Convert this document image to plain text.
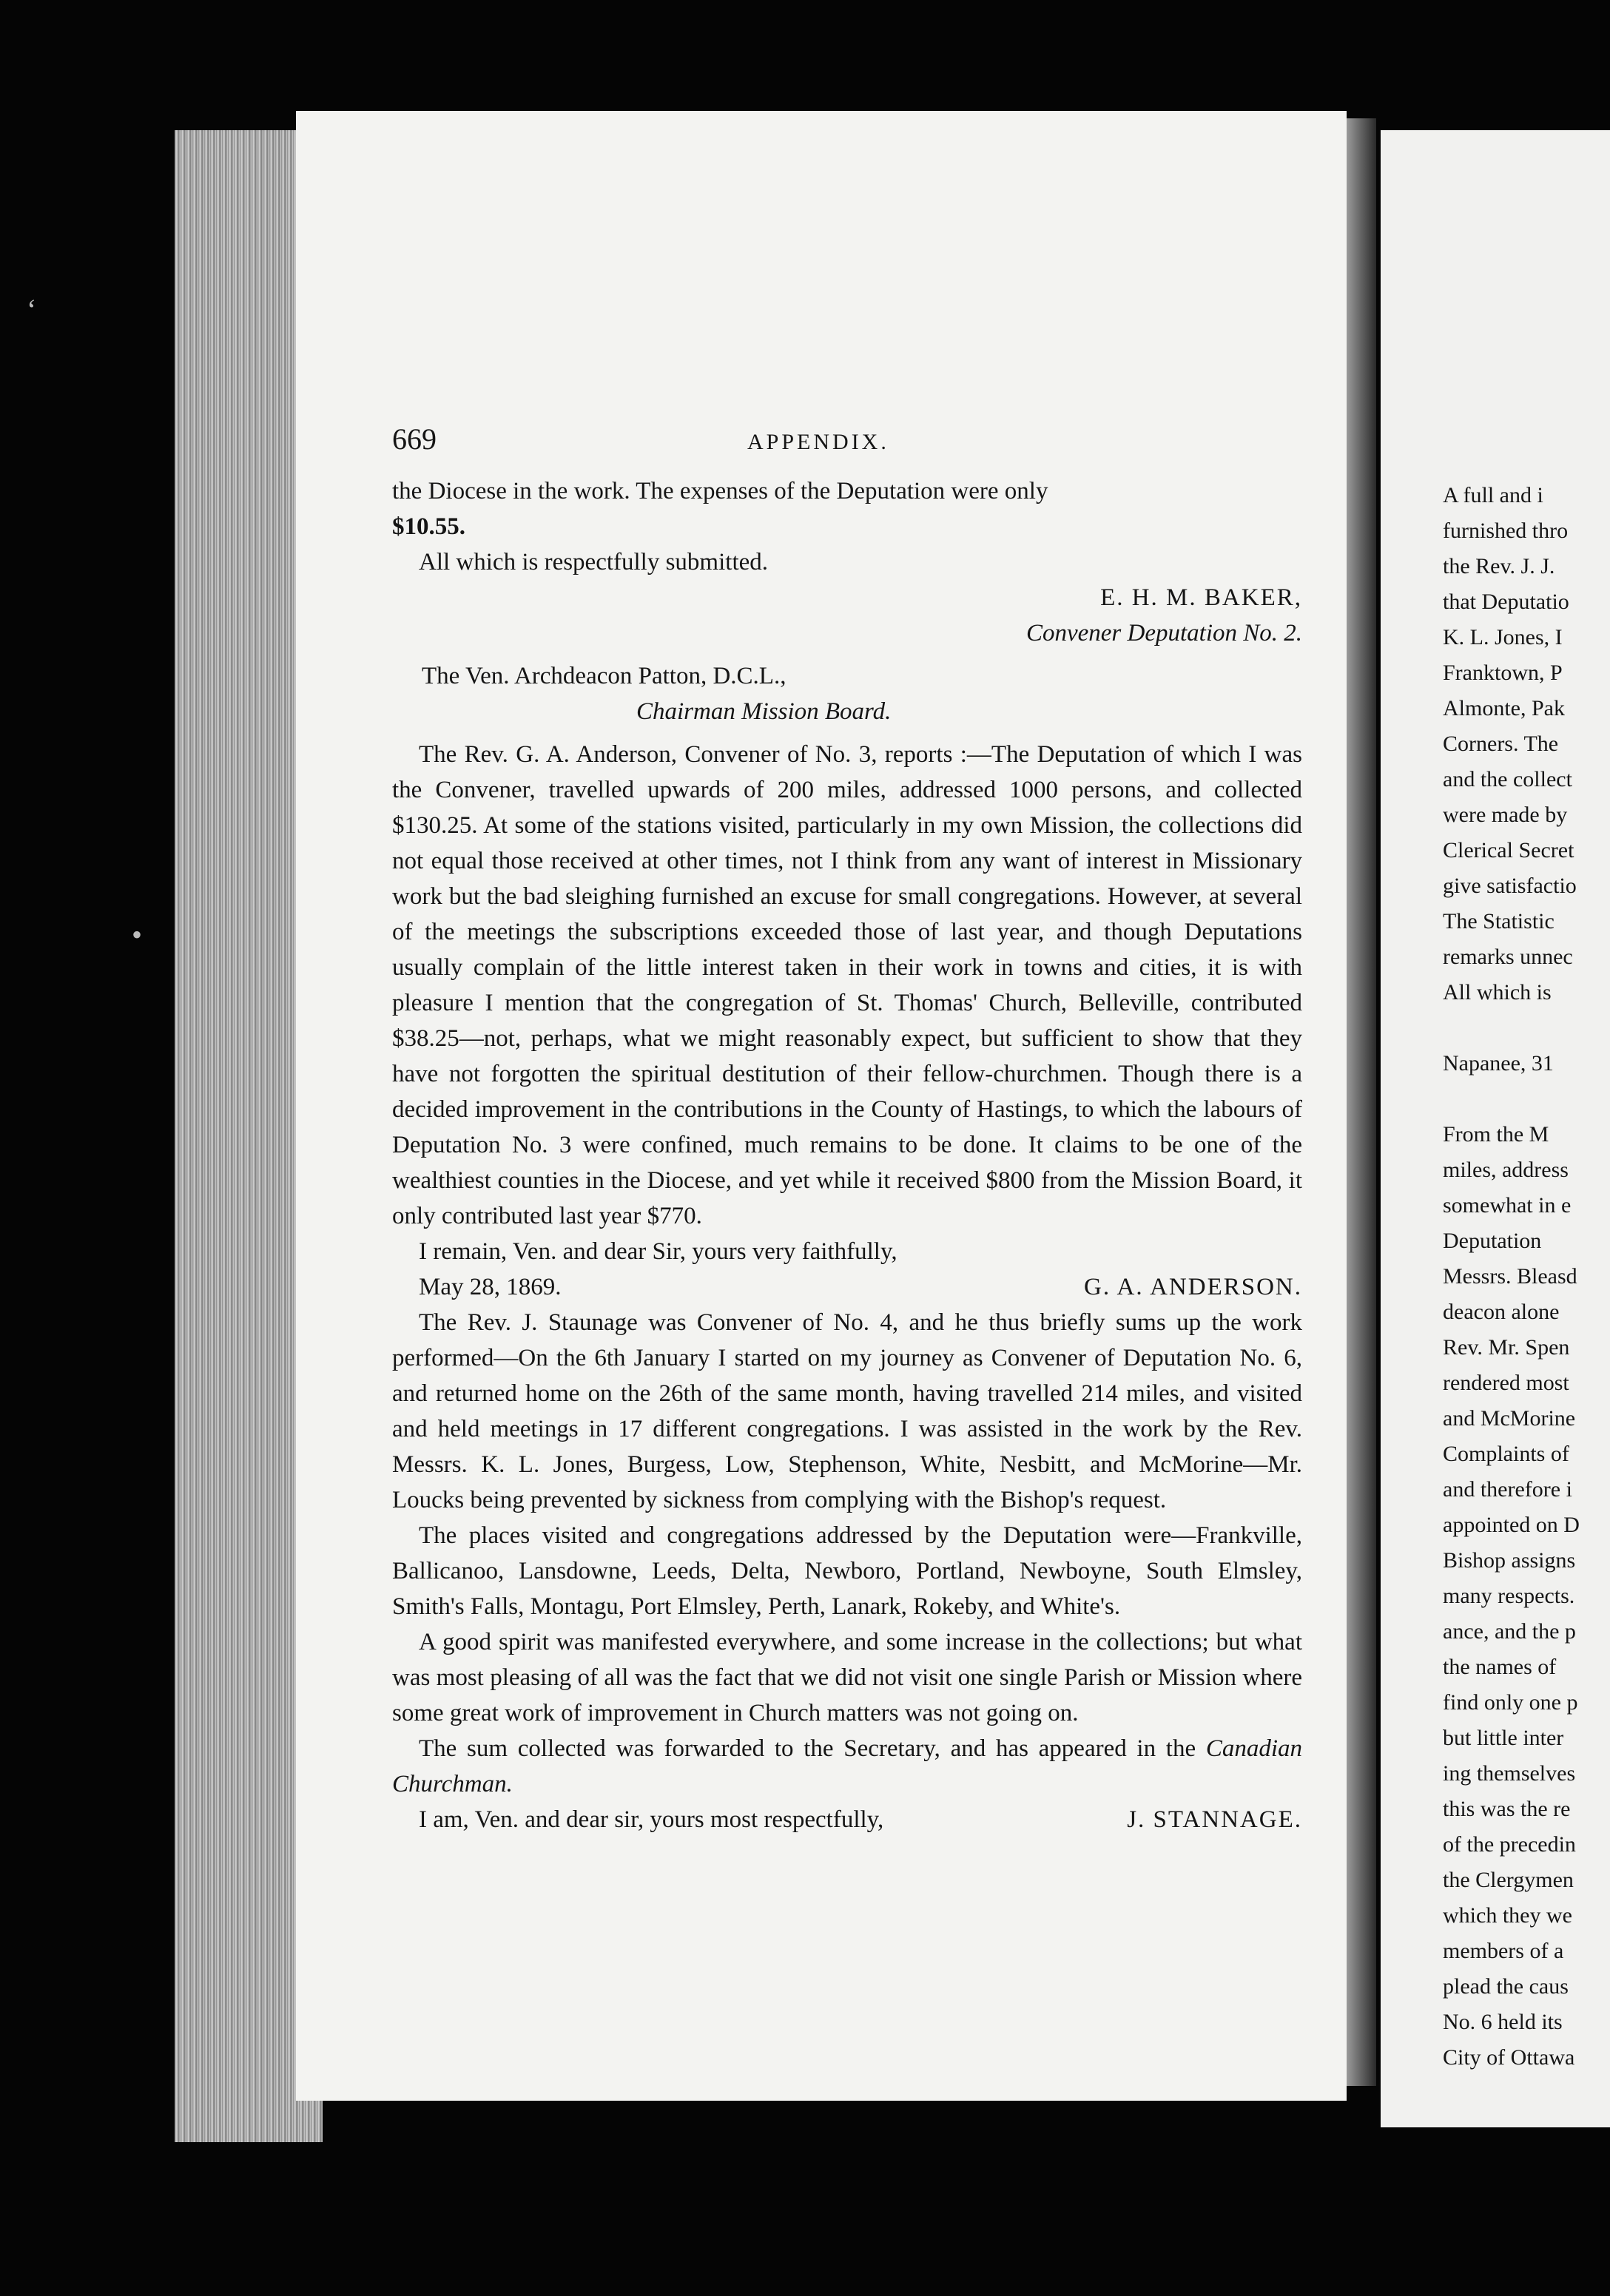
A full and i
furnished thro
the Rev. J. J.
that Deputatio
K. L. Jones, I
Franktown, P
Almonte, Pak
Corners. The
and the collect
were made by
Clerical Secret
give satisfactio
The Statistic
remarks unnec
All which is

Napanee, 31

From the M
miles, address
somewhat in e
Deputation
Messrs. Bleasd
deacon alone
Rev. Mr. Spen
rendered most
and McMorine
Complaints of
and therefore i
appointed on D
Bishop assigns
many respects.
ance, and the p
the names of
find only one p
but little inter
ing themselves
this was the re
of the precedin
the Clergymen
which they we
members of a
plead the caus
No. 6 held its
City of Ottawa
669	APPENDIX.

the Diocese in the work. The expenses of the Deputation were only
$10.55.

All which is respectfully submitted.

E. H. M. BAKER,

Convener Deputation No. 2.

The Ven. Archdeacon Patton, D.C.L.,

Chairman Mission Board.

The Rev. G. A. Anderson, Convener of No. 3, reports :—The Deputation of which I was the Convener, travelled upwards of 200 miles, addressed 1000 persons, and collected $130.25. At some of the stations visited, particularly in my own Mission, the collections did not equal those received at other times, not I think from any want of interest in Missionary work but the bad sleighing furnished an excuse for small congregations. However, at several of the meetings the subscriptions exceeded those of last year, and though Deputations usually complain of the little interest taken in their work in towns and cities, it is with pleasure I mention that the congregation of St. Thomas' Church, Belleville, contributed $38.25—not, perhaps, what we might reasonably expect, but sufficient to show that they have not forgotten the spiritual destitution of their fellow-churchmen. Though there is a decided improvement in the contributions in the County of Hastings, to which the labours of Deputation No. 3 were confined, much remains to be done. It claims to be one of the wealthiest counties in the Diocese, and yet while it received $800 from the Mission Board, it only contributed last year $770.

I remain, Ven. and dear Sir, yours very faithfully,

May 28, 1869.	G. A. ANDERSON.

The Rev. J. Staunage was Convener of No. 4, and he thus briefly sums up the work performed—On the 6th January I started on my journey as Convener of Deputation No. 6, and returned home on the 26th of the same month, having travelled 214 miles, and visited and held meetings in 17 different congregations. I was assisted in the work by the Rev. Messrs. K. L. Jones, Burgess, Low, Stephenson, White, Nesbitt, and McMorine—Mr. Loucks being prevented by sickness from complying with the Bishop's request.

The places visited and congregations addressed by the Deputation were—Frankville, Ballicanoo, Lansdowne, Leeds, Delta, Newboro, Portland, Newboyne, South Elmsley, Smith's Falls, Montagu, Port Elmsley, Perth, Lanark, Rokeby, and White's.

A good spirit was manifested everywhere, and some increase in the collections; but what was most pleasing of all was the fact that we did not visit one single Parish or Mission where some great work of improvement in Church matters was not going on.

The sum collected was forwarded to the Secretary, and has appeared in the Canadian Churchman.

I am, Ven. and dear sir, yours most respectfully,	J. STANNAGE.
ʻ
•
